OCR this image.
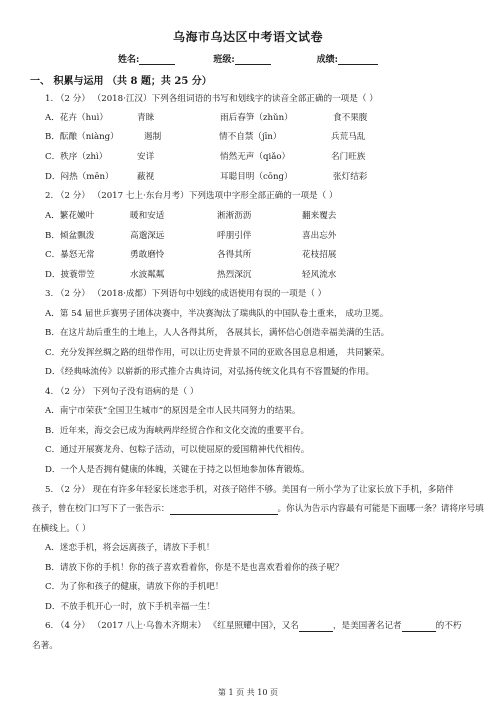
乌海市乌达区中考语文试卷
姓名:	班级:	成绩:
一、 积累与运用 （共 8 题；共 25 分）
1. （2 分） （2018·江汉）下列各组词语的书写和划线字的读音全部正确的一项是（ ）
A．花卉（huì）	青睐	雨后春笋（zhǔn）	食不果腹
B．酝酿（niàng）	遏制	情不自禁（jīn）	兵荒马乱
C．秩序（zhì）	安详	悄然无声（qiǎo）	名门旺族
D．闷热（mēn）	蔽视	耳聪目明（cōng）	张灯结彩
2. （2 分） （2017 七上·东台月考）下列选项中字形全部正确的一项是（ ）
A．繁花嫩叶	暖和安适	淅淅沥沥	翻来覆去
B．倾盆飘泼	高邈深远	呼朋引伴	喜出忘外
C．暴怒无常	勇敢磨怜	各得其所	花枝招展
D．披蓑带笠	水波粼粼	热烈深沉	轻风流水
3. （2 分） （2018·成都）下列语句中划线的成语使用有误的一项是（ ）
A．第 54 届世乒赛男子团体决赛中，半决赛淘汰了瑞典队的中国队卷土重来， 成功卫冕。
B．在这片劫后重生的土地上，人人各得其所， 各展其长，满怀信心创造幸福美满的生活。
C．充分发挥丝绸之路的纽带作用，可以让历史背景不同的亚欧各国息息相通， 共同繁荣。
D．《经典咏流传》以崭新的形式推介古典诗词，对弘扬传统文化具有不容置疑的作用。
4. （2 分） 下列句子没有语病的是（ ）
A．南宁市荣获“全国卫生城市”的原因是全市人民共同努力的结果。
B．近年来，海交会已成为海峡两岸经贸合作和文化交流的重要平台。
C．通过开展赛龙舟、包粽子活动，可以使屈原的爱国精神代代相传。
D．一个人是否拥有健康的体魄，关键在于持之以恒地参加体育锻炼。
5. （2 分） 现在有许多年轻家长迷恋手机，对孩子陪伴不够。美国有一所小学为了让家长放下手机，多陪伴
孩子，曾在校门口写下了一张告示：	。你认为告示内容最有可能是下面哪一条？请将序号填
在横线上。（ ）
A．迷恋手机，将会远离孩子，请放下手机！
B．请放下你的手机！你的孩子喜欢看着你，你是不是也喜欢看着你的孩子呢？
C．为了你和孩子的健康，请放下你的手机吧！
D．不放手机开心一时，放下手机幸福一生！
6. （4 分） （2017 八上·乌鲁木齐期末） 《红星照耀中国》，又名	，是美国著名记者	的不朽
名著。
第 1 页 共 10 页
